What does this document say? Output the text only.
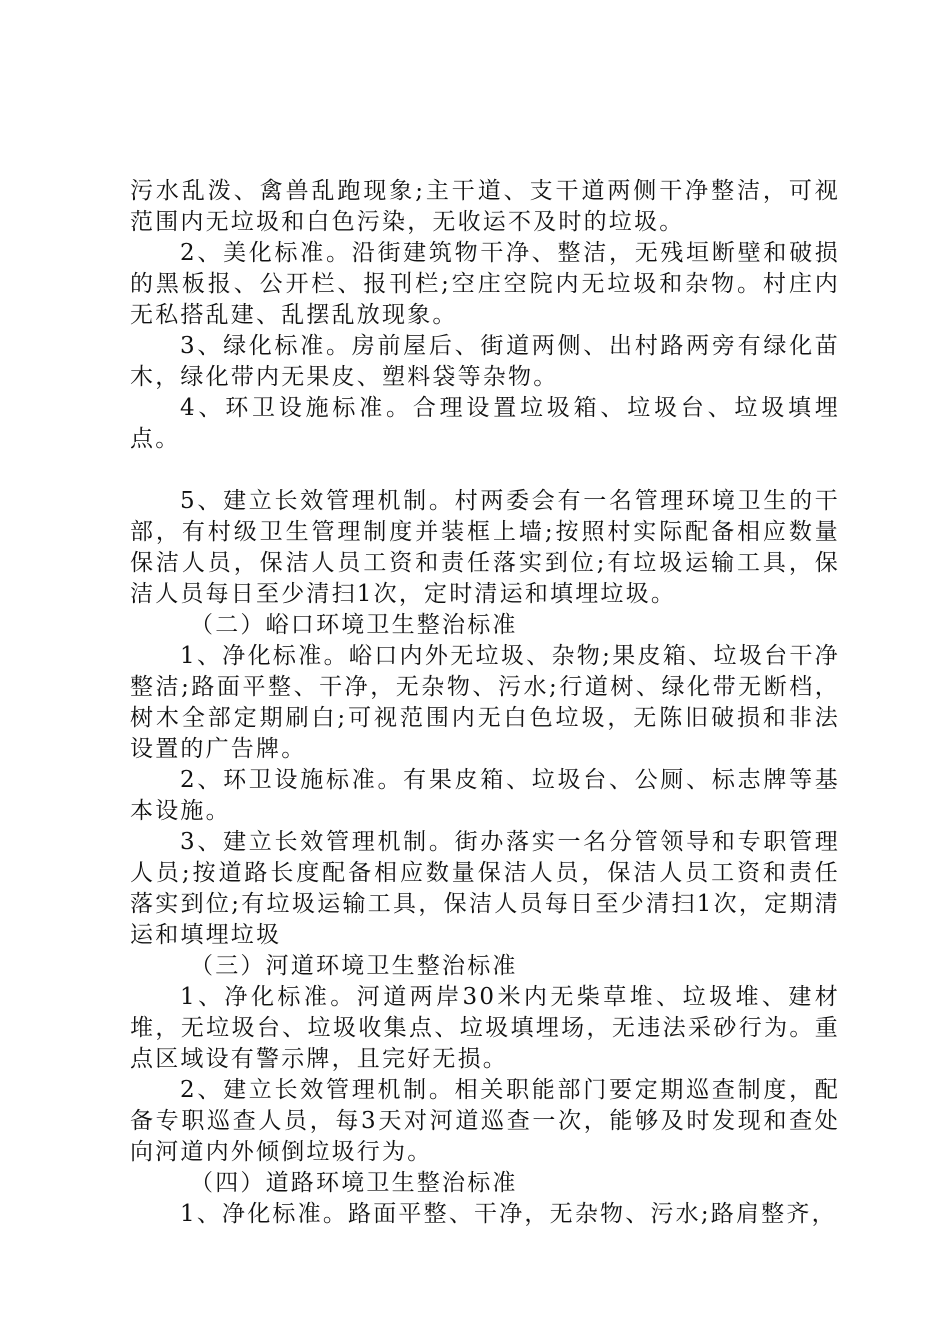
污水乱泼、禽兽乱跑现象;主干道、支干道两侧干净整洁，可视范围内无垃圾和白色污染，无收运不及时的垃圾。

2、美化标准。沿街建筑物干净、整洁，无残垣断壁和破损的黑板报、公开栏、报刊栏;空庄空院内无垃圾和杂物。村庄内无私搭乱建、乱摆乱放现象。

3、绿化标准。房前屋后、街道两侧、出村路两旁有绿化苗木，绿化带内无果皮、塑料袋等杂物。

4、环卫设施标准。合理设置垃圾箱、垃圾台、垃圾填埋点。

5、建立长效管理机制。村两委会有一名管理环境卫生的干部，有村级卫生管理制度并装框上墙;按照村实际配备相应数量保洁人员，保洁人员工资和责任落实到位;有垃圾运输工具，保洁人员每日至少清扫1次，定时清运和填埋垃圾。

（二）峪口环境卫生整治标准

1、净化标准。峪口内外无垃圾、杂物;果皮箱、垃圾台干净整洁;路面平整、干净，无杂物、污水;行道树、绿化带无断档，树木全部定期刷白;可视范围内无白色垃圾，无陈旧破损和非法设置的广告牌。

2、环卫设施标准。有果皮箱、垃圾台、公厕、标志牌等基本设施。

3、建立长效管理机制。街办落实一名分管领导和专职管理人员;按道路长度配备相应数量保洁人员，保洁人员工资和责任落实到位;有垃圾运输工具，保洁人员每日至少清扫1次，定期清运和填埋垃圾

（三）河道环境卫生整治标准

1、净化标准。河道两岸30米内无柴草堆、垃圾堆、建材堆，无垃圾台、垃圾收集点、垃圾填埋场，无违法采砂行为。重点区域设有警示牌，且完好无损。

2、建立长效管理机制。相关职能部门要定期巡查制度，配备专职巡查人员，每3天对河道巡查一次，能够及时发现和查处向河道内外倾倒垃圾行为。

（四）道路环境卫生整治标准

1、净化标准。路面平整、干净，无杂物、污水;路肩整齐，
